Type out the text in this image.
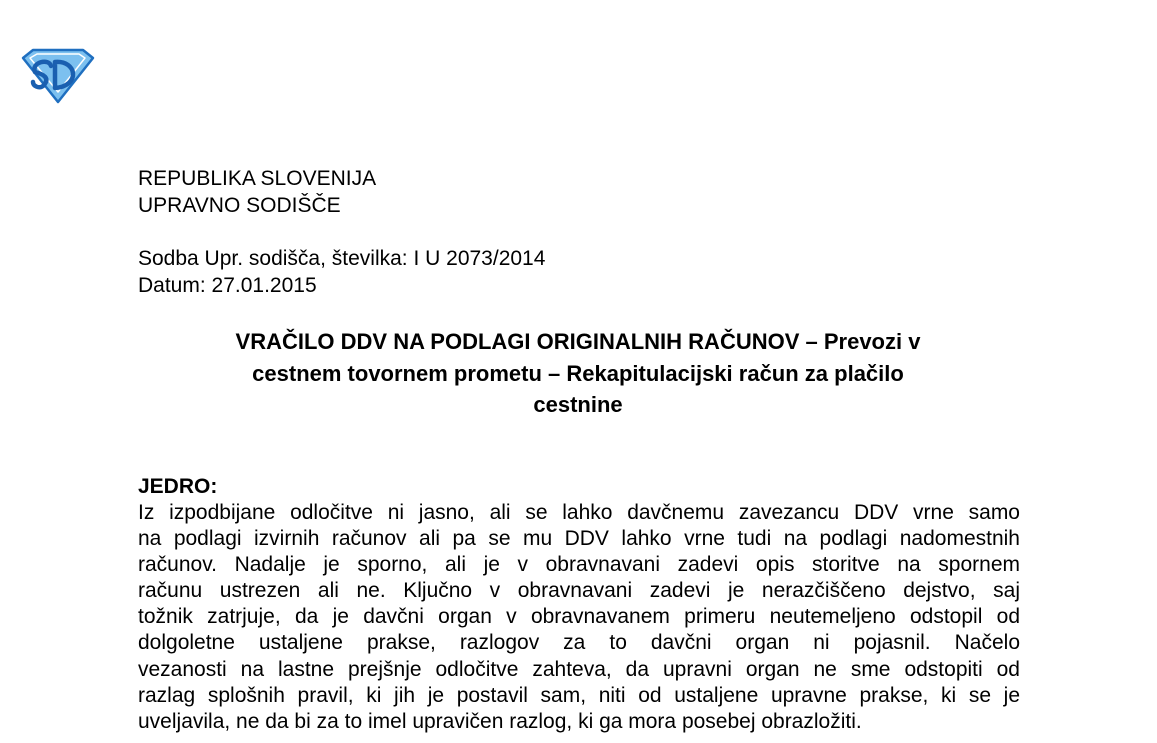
REPUBLIKA SLOVENIJA
UPRAVNO SODIŠČE
Sodba Upr. sodišča, številka: I U 2073/2014
Datum: 27.01.2015
VRAČILO DDV NA PODLAGI ORIGINALNIH RAČUNOV – Prevozi v
cestnem tovornem prometu – Rekapitulacijski račun za plačilo
cestnine
JEDRO:
Iz izpodbijane odločitve ni jasno, ali se lahko davčnemu zavezancu DDV vrne samo
na podlagi izvirnih računov ali pa se mu DDV lahko vrne tudi na podlagi nadomestnih
računov. Nadalje je sporno, ali je v obravnavani zadevi opis storitve na spornem
računu ustrezen ali ne. Ključno v obravnavani zadevi je nerazčiščeno dejstvo, saj
tožnik zatrjuje, da je davčni organ v obravnavanem primeru neutemeljeno odstopil od
dolgoletne ustaljene prakse, razlogov za to davčni organ ni pojasnil. Načelo
vezanosti na lastne prejšnje odločitve zahteva, da upravni organ ne sme odstopiti od
razlag splošnih pravil, ki jih je postavil sam, niti od ustaljene upravne prakse, ki se je
uveljavila, ne da bi za to imel upravičen razlog, ki ga mora posebej obrazložiti.
